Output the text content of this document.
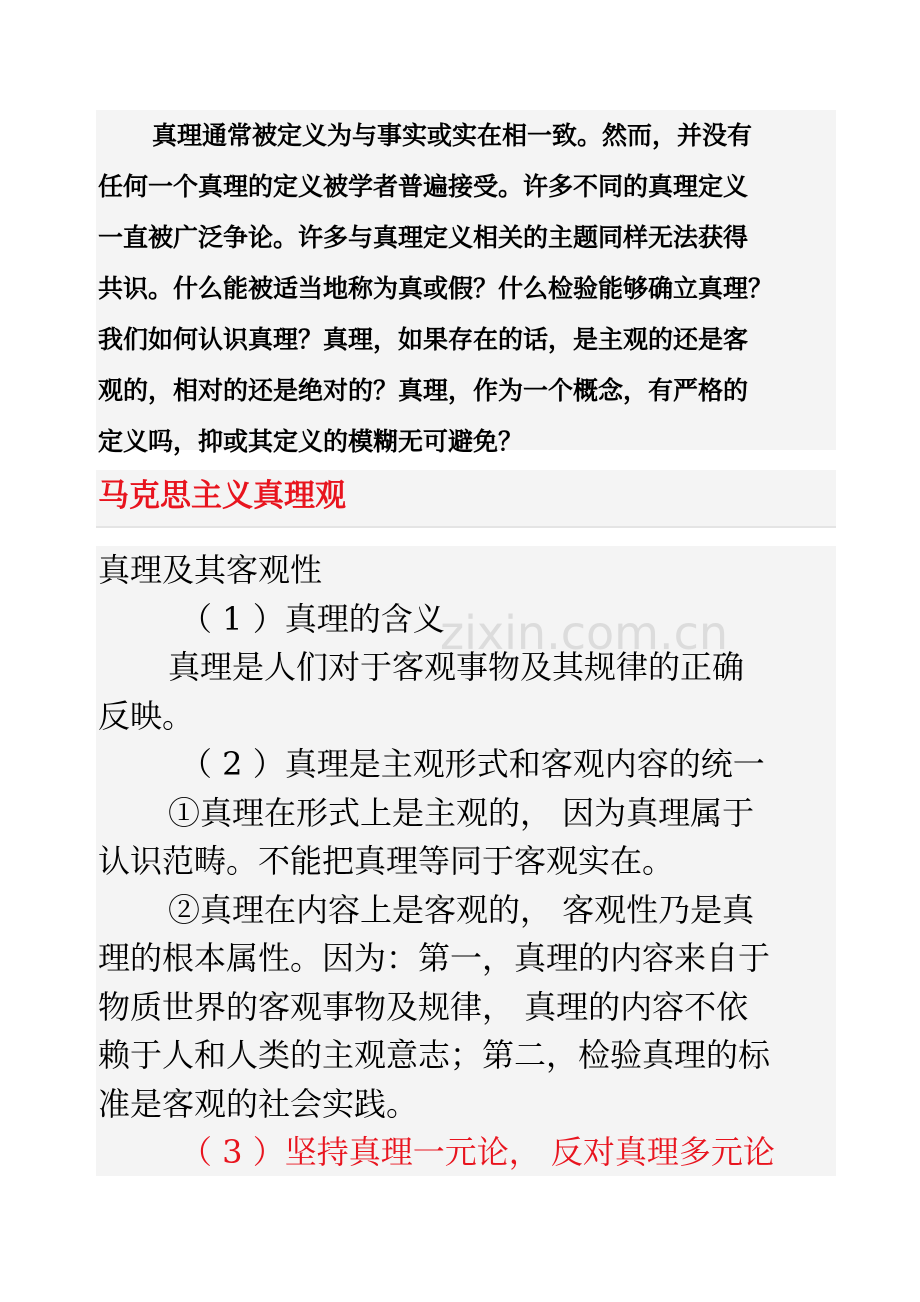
真理通常被定义为与事实或实在相一致。然而，并没有
任何一个真理的定义被学者普遍接受。许多不同的真理定义
一直被广泛争论。许多与真理定义相关的主题同样无法获得
共识。什么能被适当地称为真或假？什么检验能够确立真理？
我们如何认识真理？真理，如果存在的话，是主观的还是客
观的，相对的还是绝对的？真理，作为一个概念，有严格的
定义吗，抑或其定义的模糊无可避免？
马克思主义真理观
真理及其客观性
（ 1 ）真理的含义
真理是人们对于客观事物及其规律的正确
反映。
（ 2 ）真理是主观形式和客观内容的统一
①真理在形式上是主观的， 因为真理属于
认识范畴。不能把真理等同于客观实在。
②真理在内容上是客观的， 客观性乃是真
理的根本属性。因为：第一，真理的内容来自于
物质世界的客观事物及规律， 真理的内容不依
赖于人和人类的主观意志；第二，检验真理的标
准是客观的社会实践。
（ 3 ）坚持真理一元论， 反对真理多元论
zixin.com.cn
